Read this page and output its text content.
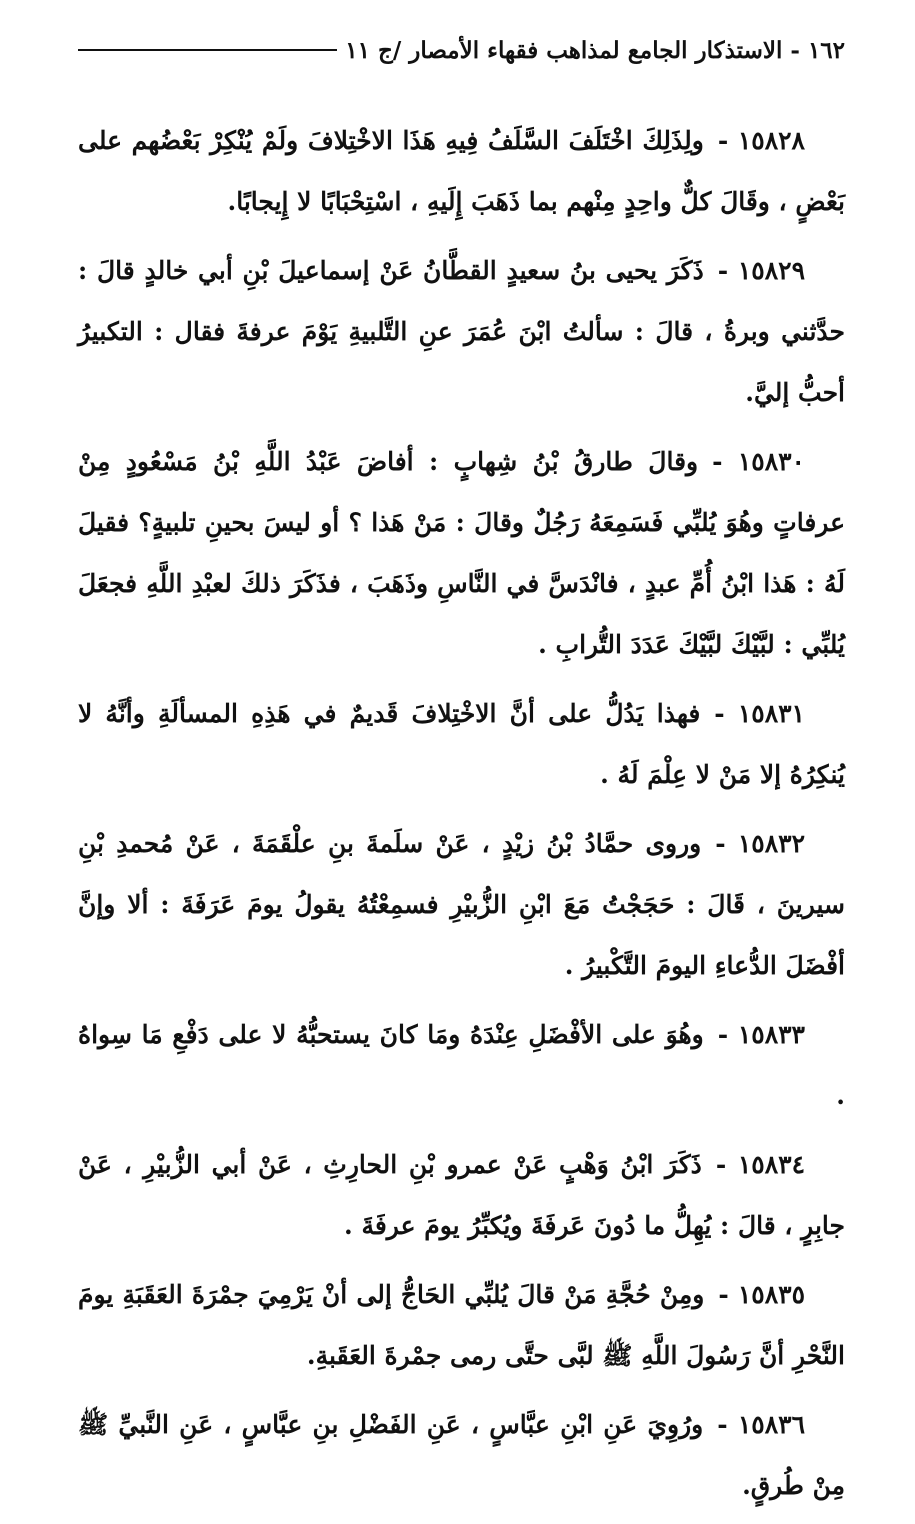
١٦٢ - الاستذكار الجامع لمذاهب فقهاء الأمصار /ج ١١

١٥٨٢٨ -ولِذَلِكَ اخْتَلَفَ السَّلَفُ فِيهِ هَذَا الاخْتِلافَ ولَمْ يُنْكِرْ بَعْضُهم على بَعْضٍ ، وقَالَ كلٌّ واحِدٍ مِنْهم بما ذَهَبَ إِلَيهِ ، اسْتِحْبَابًا لا إِيجابًا.

١٥٨٢٩ -ذَكَرَ يحيى بنُ سعيدٍ القطَّانُ عَنْ إسماعيلَ بْنِ أبي خالدٍ قالَ : حدَّثني وبرةُ ، قالَ : سألتُ ابْنَ عُمَرَ عنِ التَّلبيةِ يَوْمَ عرفةَ فقال : التكبيرُ أحبُّ إليَّ.

١٥٨٣٠ -وقالَ طارقُ بْنُ شِهابٍ : أفاضَ عَبْدُ اللَّهِ بْنُ مَسْعُودٍ مِنْ عرفاتٍ وهُوَ يُلبِّي فَسَمِعَهُ رَجُلٌ وقالَ : مَنْ هَذا ؟ أو ليسَ بحينِ تلبيةٍ؟ فقيلَ لَهُ : هَذا ابْنُ أُمِّ عبدٍ ، فانْدَسَّ في النَّاسِ وذَهَبَ ، فذَكَرَ ذلكَ لعبْدِ اللَّهِ فجعَلَ يُلبِّي : لبَّيْكَ لبَّيْكَ عَدَدَ التُّرابِ .

١٥٨٣١ -فهذا يَدُلُّ على أنَّ الاخْتِلافَ قَديمٌ في هَذِهِ المسألَةِ وأنَّهُ لا يُنكِرُهُ إلا مَنْ لا عِلْمَ لَهُ .

١٥٨٣٢ -وروى حمَّادُ بْنُ زيْدٍ ، عَنْ سلَمةَ بنِ علْقَمَةَ ، عَنْ مُحمدِ بْنِ سيرينَ ، قَالَ : حَجَجْتُ مَعَ ابْنِ الزُّبيْرِ فسمِعْتُهُ يقولُ يومَ عَرَفَةَ : ألا وإنَّ أفْضَلَ الدُّعاءِ اليومَ التَّكْبيرُ .

١٥٨٣٣ -وهُوَ على الأفْضَلِ عِنْدَهُ ومَا كانَ يستحبُّهُ لا على دَفْعِ مَا سِواهُ .

١٥٨٣٤ -ذَكَرَ ابْنُ وَهْبٍ عَنْ عمرو بْنِ الحارِثِ ، عَنْ أبي الزُّبيْرِ ، عَنْ جابِرٍ ، قالَ : يُهِلُّ ما دُونَ عَرفَةَ ويُكبِّرُ يومَ عرفَةَ .

١٥٨٣٥ -ومِنْ حُجَّةِ مَنْ قالَ يُلبِّي الحَاجُّ إلى أنْ يَرْمِيَ جمْرَةَ العَقَبَةِ يومَ النَّحْرِ أنَّ رَسُولَ اللَّهِ ﷺ لبَّى حتَّى رمى جمْرةَ العَقَبةِ.

١٥٨٣٦ -ورُوِيَ عَنِ ابْنِ عبَّاسٍ ، عَنِ الفَضْلِ بنِ عبَّاسٍ ، عَنِ النَّبيِّ ﷺ مِنْ طُرقٍ.
